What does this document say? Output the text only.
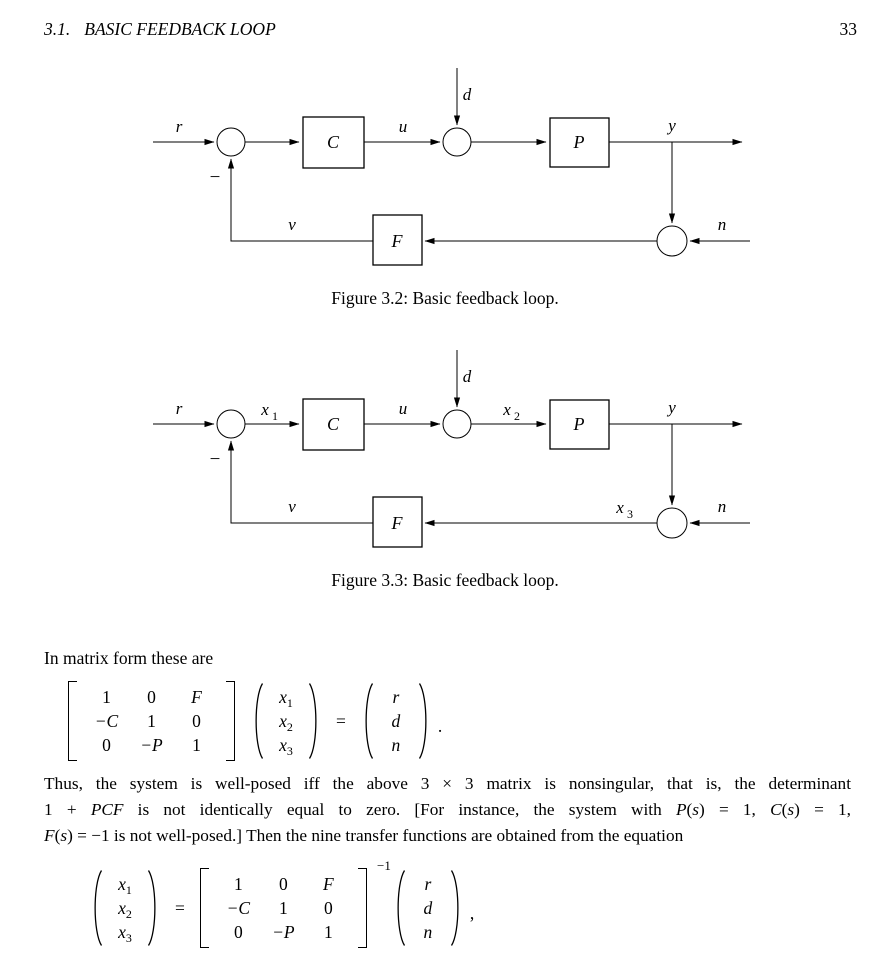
3.1. BASIC FEEDBACK LOOP	33
r
−
C
u
d
P
y
n
F
v
Figure 3.2: Basic feedback loop.
r
−
x 1	C
u
d
x 2	P
y
n
x 3
F
v
Figure 3.3: Basic feedback loop.
In matrix form these are
1	0	F
−C	1	0
0	−P	1
$x_1$
$x_2$
$x_3$
=
r
d
n
.
Thus, the system is well-posed iff the above 3 × 3 matrix is nonsingular, that is, the determinant
1 + PCF is not identically equal to zero. [For instance, the system with P(s) = 1, C(s) = 1,
F(s) = −1 is not well-posed.] Then the nine transfer functions are obtained from the equation
$x_1$
$x_2$
$x_3$
=
1	0	F
−C	1	0
0	−P	1
−1
r
d
n
,
